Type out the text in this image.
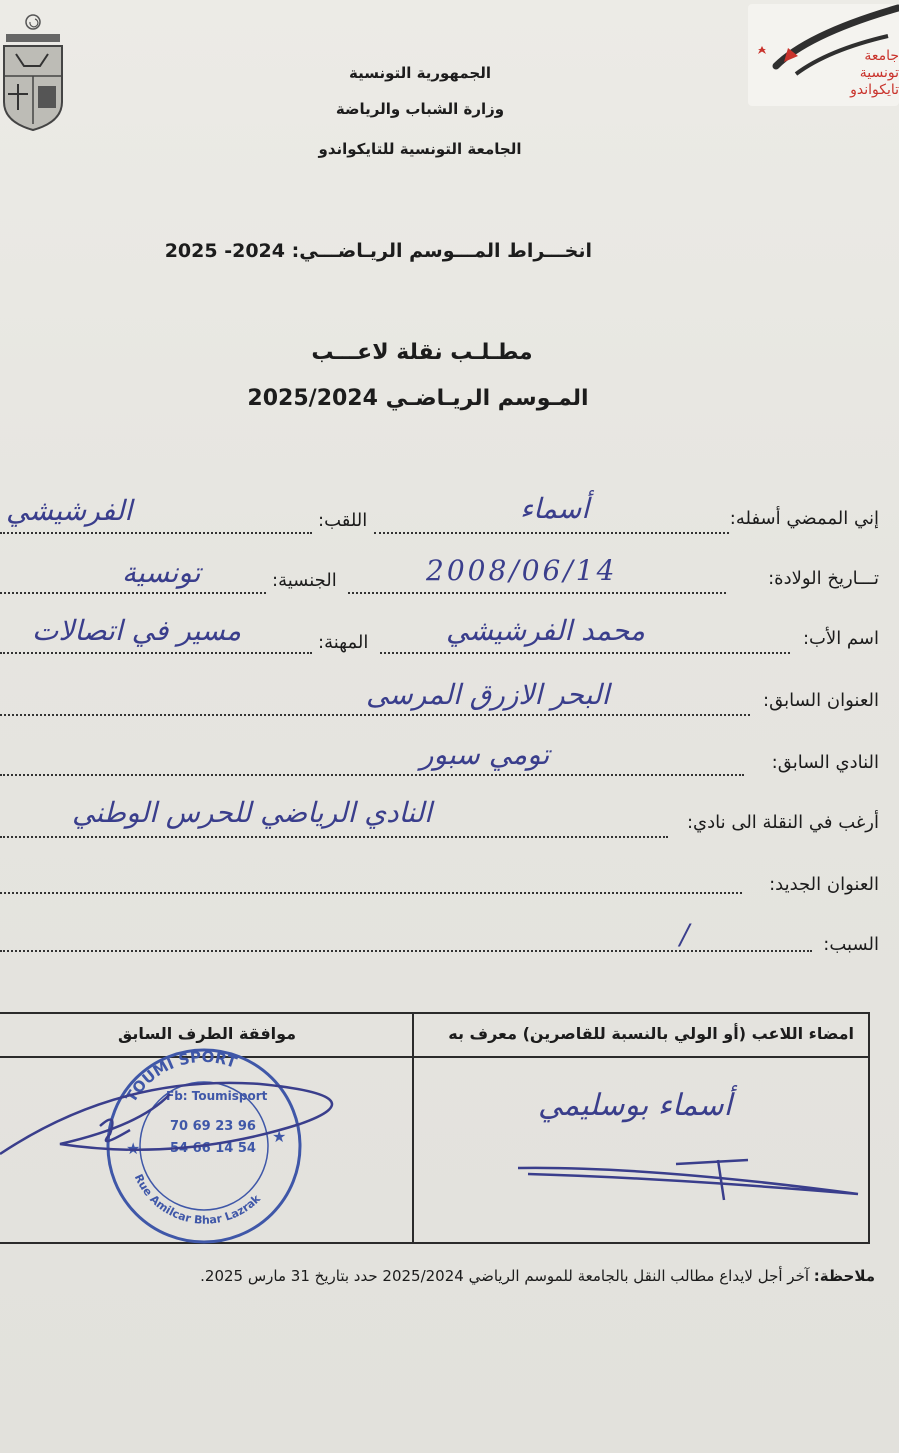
جامعة
تونسية
تايكواندو
الجمهورية التونسية
وزارة الشباب والرياضة
الجامعة التونسية للتايكواندو
انخـــراط المـــوسم الريـاضـــي: 2024- 2025
مطـلـب نقلة لاعـــب
المـوسم الريـاضـي 2025/2024
إني الممضي أسفله:
أسماء
اللقب:
الفرشيشي
تـــاريخ الولادة:
2008/06/14
الجنسية:
تونسية
اسم الأب:
محمد الفرشيشي
المهنة:
مسير في اتصالات
العنوان السابق:
البحر الازرق المرسى
النادي السابق:
تومي سبور
أرغب في النقلة الى نادي:
النادي الرياضي للحرس الوطني
العنوان الجديد:
السبب:
/
امضاء اللاعب (أو الولي بالنسبة للقاصرين) معرف به
موافقة الطرف السابق
أسماء بوسليمي
TOUMI SPORT
Rue Amilcar Bhar Lazrak
Fb: Toumisport
70 69 23 96
54 66 14 54
★
★
ملاحظة: آخر أجل لايداع مطالب النقل بالجامعة للموسم الرياضي 2025/2024 حدد بتاريخ 31 مارس 2025.
